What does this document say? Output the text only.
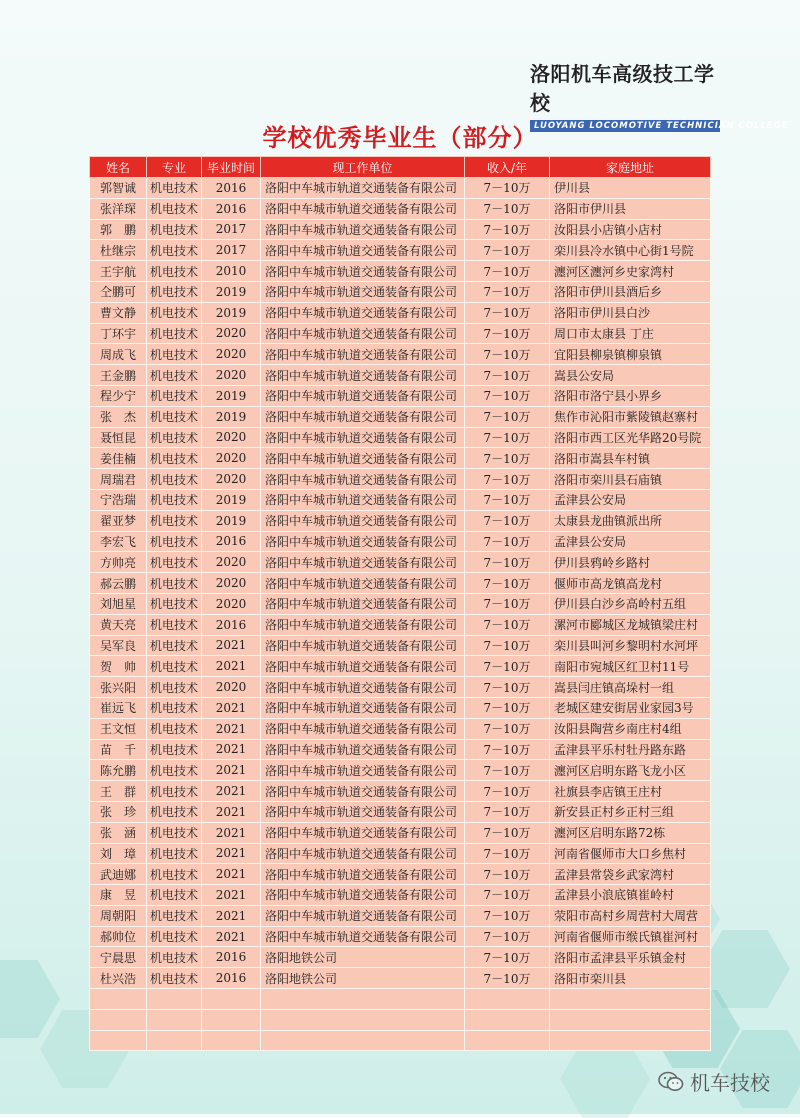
洛阳机车高级技工学校
LUOYANG LOCOMOTIVE TECHNICIAN COLLEGE
学校优秀毕业生（部分）
姓名	专业	毕业时间	现工作单位	收入/年	家庭地址
郭智诚	机电技术	2016	洛阳中车城市轨道交通装备有限公司	7－10万	伊川县
张洋琛	机电技术	2016	洛阳中车城市轨道交通装备有限公司	7－10万	洛阳市伊川县
郭　鹏	机电技术	2017	洛阳中车城市轨道交通装备有限公司	7－10万	汝阳县小店镇小店村
杜继宗	机电技术	2017	洛阳中车城市轨道交通装备有限公司	7－10万	栾川县冷水镇中心街1号院
王宇航	机电技术	2010	洛阳中车城市轨道交通装备有限公司	7－10万	瀍河区瀍河乡史家湾村
仝鹏可	机电技术	2019	洛阳中车城市轨道交通装备有限公司	7－10万	洛阳市伊川县酒后乡
曹文静	机电技术	2019	洛阳中车城市轨道交通装备有限公司	7－10万	洛阳市伊川县白沙
丁环宇	机电技术	2020	洛阳中车城市轨道交通装备有限公司	7－10万	周口市太康县 丁庄
周成飞	机电技术	2020	洛阳中车城市轨道交通装备有限公司	7－10万	宜阳县柳泉镇柳泉镇
王金鹏	机电技术	2020	洛阳中车城市轨道交通装备有限公司	7－10万	嵩县公安局
程少宁	机电技术	2019	洛阳中车城市轨道交通装备有限公司	7－10万	洛阳市洛宁县小界乡
张　杰	机电技术	2019	洛阳中车城市轨道交通装备有限公司	7－10万	焦作市沁阳市紫陵镇赵寨村
聂恒昆	机电技术	2020	洛阳中车城市轨道交通装备有限公司	7－10万	洛阳市西工区光华路20号院
姜佳楠	机电技术	2020	洛阳中车城市轨道交通装备有限公司	7－10万	洛阳市嵩县车村镇
周瑞君	机电技术	2020	洛阳中车城市轨道交通装备有限公司	7－10万	洛阳市栾川县石庙镇
宁浩瑞	机电技术	2019	洛阳中车城市轨道交通装备有限公司	7－10万	孟津县公安局
翟亚梦	机电技术	2019	洛阳中车城市轨道交通装备有限公司	7－10万	太康县龙曲镇派出所
李宏飞	机电技术	2016	洛阳中车城市轨道交通装备有限公司	7－10万	孟津县公安局
方帅亮	机电技术	2020	洛阳中车城市轨道交通装备有限公司	7－10万	伊川县鸦岭乡路村
郝云鹏	机电技术	2020	洛阳中车城市轨道交通装备有限公司	7－10万	偃师市高龙镇高龙村
刘旭星	机电技术	2020	洛阳中车城市轨道交通装备有限公司	7－10万	伊川县白沙乡高岭村五组
黄天亮	机电技术	2016	洛阳中车城市轨道交通装备有限公司	7－10万	漯河市郾城区龙城镇梁庄村
吴军良	机电技术	2021	洛阳中车城市轨道交通装备有限公司	7－10万	栾川县叫河乡黎明村水河坪
贺　帅	机电技术	2021	洛阳中车城市轨道交通装备有限公司	7－10万	南阳市宛城区红卫村11号
张兴阳	机电技术	2020	洛阳中车城市轨道交通装备有限公司	7－10万	嵩县闫庄镇高垛村一组
崔远飞	机电技术	2021	洛阳中车城市轨道交通装备有限公司	7－10万	老城区建安街居业家园3号
王文恒	机电技术	2021	洛阳中车城市轨道交通装备有限公司	7－10万	汝阳县陶营乡南庄村4组
苗　千	机电技术	2021	洛阳中车城市轨道交通装备有限公司	7－10万	孟津县平乐村牡丹路东路
陈允鹏	机电技术	2021	洛阳中车城市轨道交通装备有限公司	7－10万	瀍河区启明东路飞龙小区
王　群	机电技术	2021	洛阳中车城市轨道交通装备有限公司	7－10万	社旗县李店镇王庄村
张　珍	机电技术	2021	洛阳中车城市轨道交通装备有限公司	7－10万	新安县正村乡正村三组
张　涵	机电技术	2021	洛阳中车城市轨道交通装备有限公司	7－10万	瀍河区启明东路72栋
刘　璋	机电技术	2021	洛阳中车城市轨道交通装备有限公司	7－10万	河南省偃师市大口乡焦村
武迪娜	机电技术	2021	洛阳中车城市轨道交通装备有限公司	7－10万	孟津县常袋乡武家湾村
康　昱	机电技术	2021	洛阳中车城市轨道交通装备有限公司	7－10万	孟津县小浪底镇崔岭村
周朝阳	机电技术	2021	洛阳中车城市轨道交通装备有限公司	7－10万	荥阳市高村乡周营村大周营
郝帅位	机电技术	2021	洛阳中车城市轨道交通装备有限公司	7－10万	河南省偃师市缑氏镇崔河村
宁晨思	机电技术	2016	洛阳地铁公司	7－10万	洛阳市孟津县平乐镇金村
杜兴浩	机电技术	2016	洛阳地铁公司	7－10万	洛阳市栾川县

机车技校
